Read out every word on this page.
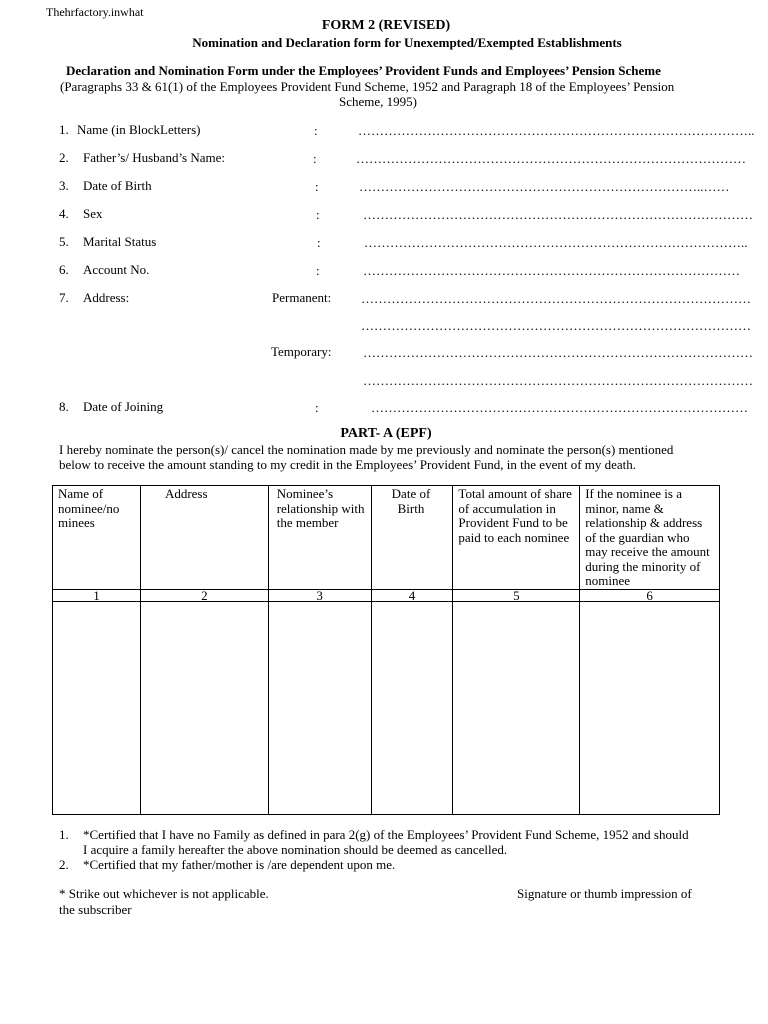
Thehrfactory.inwhat
FORM 2 (REVISED)
Nomination and Declaration form for Unexempted/Exempted Establishments
Declaration and Nomination Form under the Employees’ Provident Funds and Employees’ Pension Scheme
(Paragraphs 33 & 61(1) of the Employees Provident Fund Scheme, 1952 and Paragraph 18 of the Employees’ Pension
Scheme, 1995)
1. Name (in BlockLetters)	:	………………………………………………………………………………..
2. Father’s/ Husband’s Name:	:	………………………………………………………………………………
3. Date of Birth	:	……………………………………………………………………..……
4. Sex	:	………………………………………………………………………………
5. Marital Status	:	……………………………………………………………………………..
6. Account No.	:	……………………………………………………………………………
7. Address:	Permanent: ………………………………………………………………………………
………………………………………………………………………………
Temporary: ………………………………………………………………………………
………………………………………………………………………………
8. Date of Joining	:	……………………………………………………………………………
PART- A (EPF)
I hereby nominate the person(s)/ cancel the nomination made by me previously and nominate the person(s) mentioned
below to receive the amount standing to my credit in the Employees’ Provident Fund, in the event of my death.
Name of nominee/no minees	Address	Nominee’s relationship with the member	Date of Birth	Total amount of share of accumulation in Provident Fund to be paid to each nominee	If the nominee is a minor, name & relationship & address of the guardian who may receive the amount during the minority of nominee
1	2	3	4	5	6

1. *Certified that I have no Family as defined in para 2(g) of the Employees’ Provident Fund Scheme, 1952 and should
I acquire a family hereafter the above nomination should be deemed as cancelled.
2. *Certified that my father/mother is /are dependent upon me.
* Strike out whichever is not applicable.	Signature or thumb impression of
the subscriber
